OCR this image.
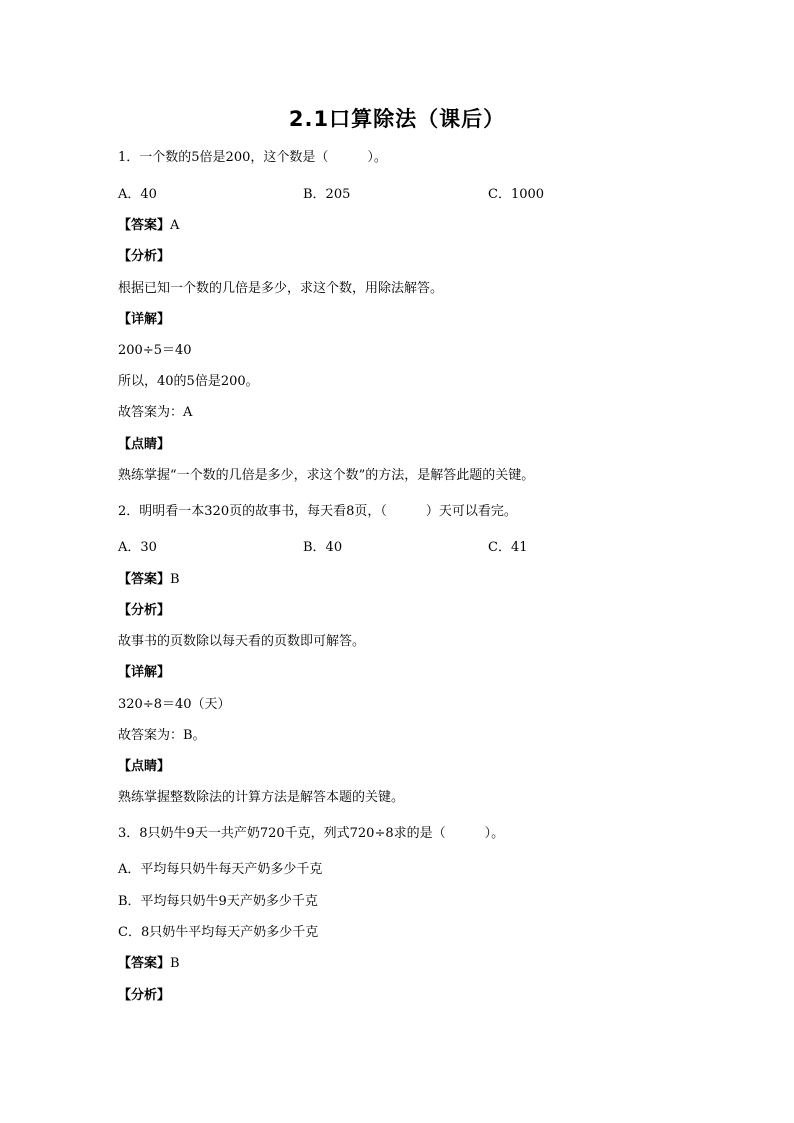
2.1口算除法（课后）
1．一个数的5倍是200，这个数是（　　　）。
A．40	B．205	C．1000
【答案】A
【分析】
根据已知一个数的几倍是多少，求这个数，用除法解答。
【详解】
200÷5＝40
所以，40的5倍是200。
故答案为：A
【点睛】
熟练掌握“一个数的几倍是多少，求这个数”的方法，是解答此题的关键。
2．明明看一本320页的故事书，每天看8页，（　　　）天可以看完。
A．30	B．40	C．41
【答案】B
【分析】
故事书的页数除以每天看的页数即可解答。
【详解】
320÷8＝40（天）
故答案为：B。
【点睛】
熟练掌握整数除法的计算方法是解答本题的关键。
3．8只奶牛9天一共产奶720千克，列式720÷8求的是（　　　）。
A．平均每只奶牛每天产奶多少千克
B．平均每只奶牛9天产奶多少千克
C．8只奶牛平均每天产奶多少千克
【答案】B
【分析】
